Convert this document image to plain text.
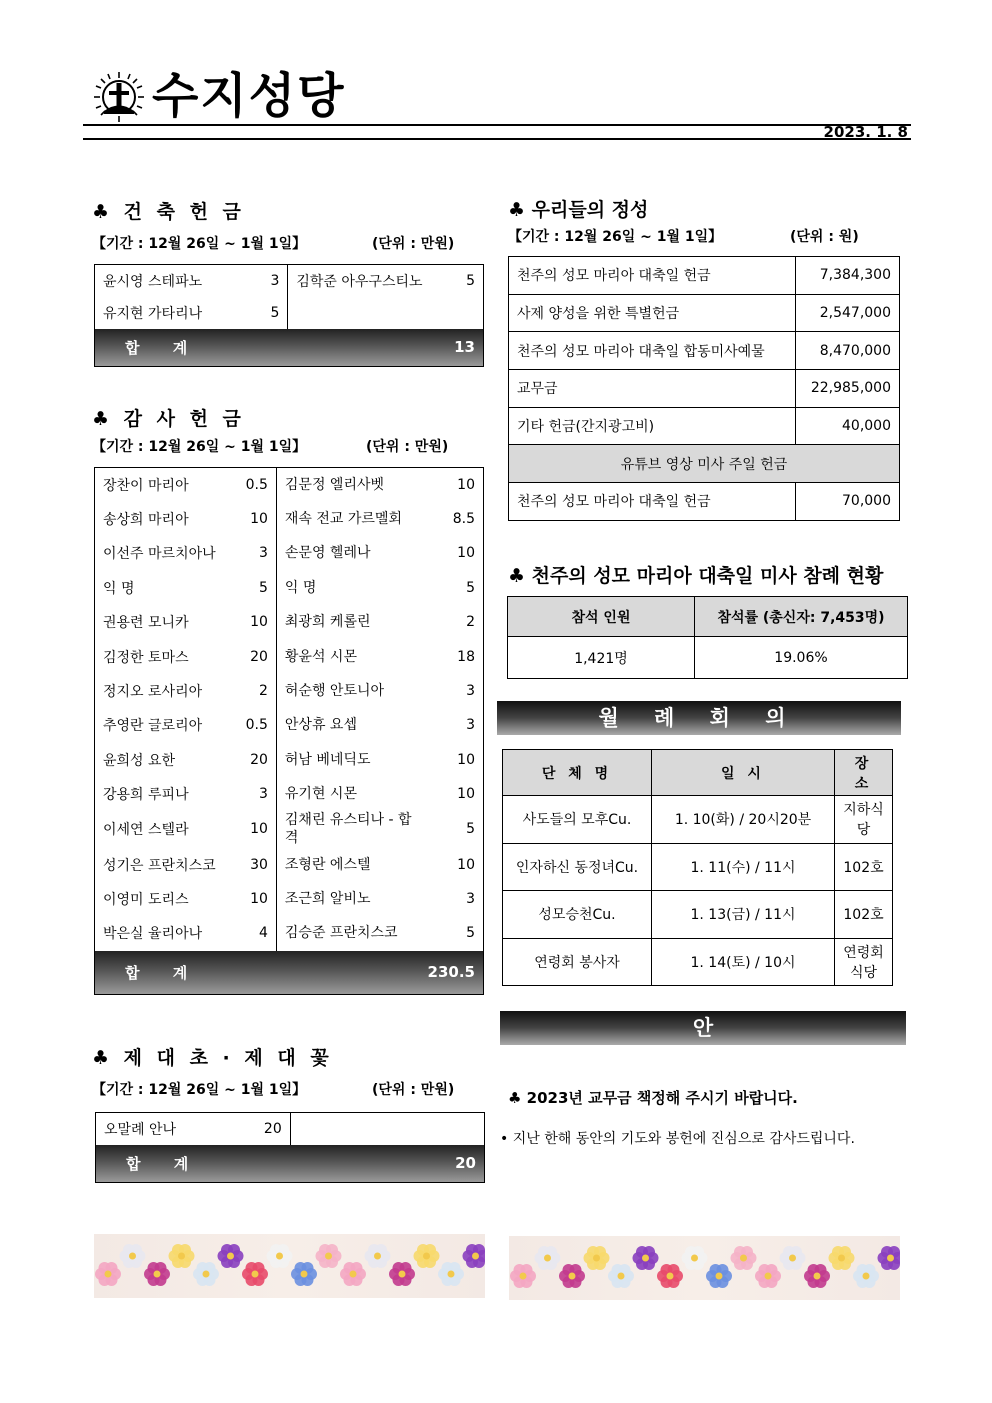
수지성당
2023. 1. 8
♣ 건 축 헌 금
【기간 : 12월 26일 ~ 1월 1일】	(단위 : 만원)
윤시영 스테파노	3	김학준 아우구스티노	5
유지현 가타리나	5		
합 계			13
♣ 감 사 헌 금
【기간 : 12월 26일 ~ 1월 1일】	(단위 : 만원)
장찬이 마리아	0.5	김문정 엘리사벳	10
송상희 마리아	10	재속 전교 가르멜회	8.5
이선주 마르치아나	3	손문영 헬레나	10
익 명	5	익 명	5
권용련 모니카	10	최광희 케롤린	2
김정한 토마스	20	황윤석 시몬	18
정지오 로사리아	2	허순행 안토니아	3
추영란 글로리아	0.5	안상휴 요셉	3
윤희성 요한	20	허남 베네딕도	10
강용희 루피나	3	유기현 시몬	10
이세연 스텔라	10	김채린 유스티나 - 합격	5
성기은 프란치스코	30	조형란 에스텔	10
이영미 도리스	10	조근희 알비노	3
박은실 율리아나	4	김승준 프란치스코	5
합 계			230.5
♣ 제 대 초 · 제 대 꽃
【기간 : 12월 26일 ~ 1월 1일】	(단위 : 만원)
오말례 안나	20		
합 계			20
♣ 우리들의 정성
【기간 : 12월 26일 ~ 1월 1일】	(단위 : 원)
천주의 성모 마리아 대축일 헌금	7,384,300
사제 양성을 위한 특별헌금	2,547,000
천주의 성모 마리아 대축일 합동미사예물	8,470,000
교무금	22,985,000
기타 헌금(간지광고비)	40,000
유튜브 영상 미사 주일 헌금	
천주의 성모 마리아 대축일 헌금	70,000
♣ 천주의 성모 마리아 대축일 미사 참례 현황
참석 인원	참석률 (총신자: 7,453명)
1,421명	19.06%
월 례 회 의
단 체 명	일 시	장 소
사도들의 모후Cu.	1. 10(화) / 20시20분	지하식당
인자하신 동정녀Cu.	1. 11(수) / 11시	102호
성모승천Cu.	1. 13(금) / 11시	102호
연령회 봉사자	1. 14(토) / 10시	연령회식당
안 내
♣ 2023년 교무금 책정해 주시기 바랍니다.
• 지난 한해 동안의 기도와 봉헌에 진심으로 감사드립니다.
